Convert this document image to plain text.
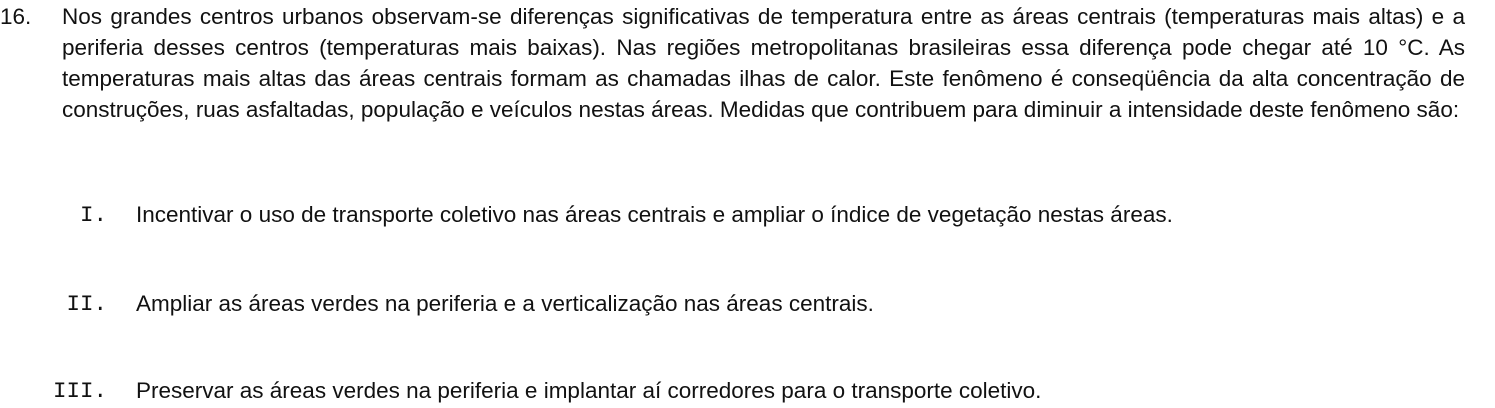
16. Nos grandes centros urbanos observam-se diferenças significativas de temperatura entre as áreas centrais (temperaturas mais altas) e a periferia desses centros (temperaturas mais baixas). Nas regiões metropolitanas brasileiras essa diferença pode chegar até 10 °C. As temperaturas mais altas das áreas centrais formam as chamadas ilhas de calor. Este fenômeno é conseqüência da alta concentração de construções, ruas asfaltadas, população e veículos nestas áreas. Medidas que contribuem para diminuir a intensidade deste fenômeno são:

I. Incentivar o uso de transporte coletivo nas áreas centrais e ampliar o índice de vegetação nestas áreas.
II. Ampliar as áreas verdes na periferia e a verticalização nas áreas centrais.
III. Preservar as áreas verdes na periferia e implantar aí corredores para o transporte coletivo.
